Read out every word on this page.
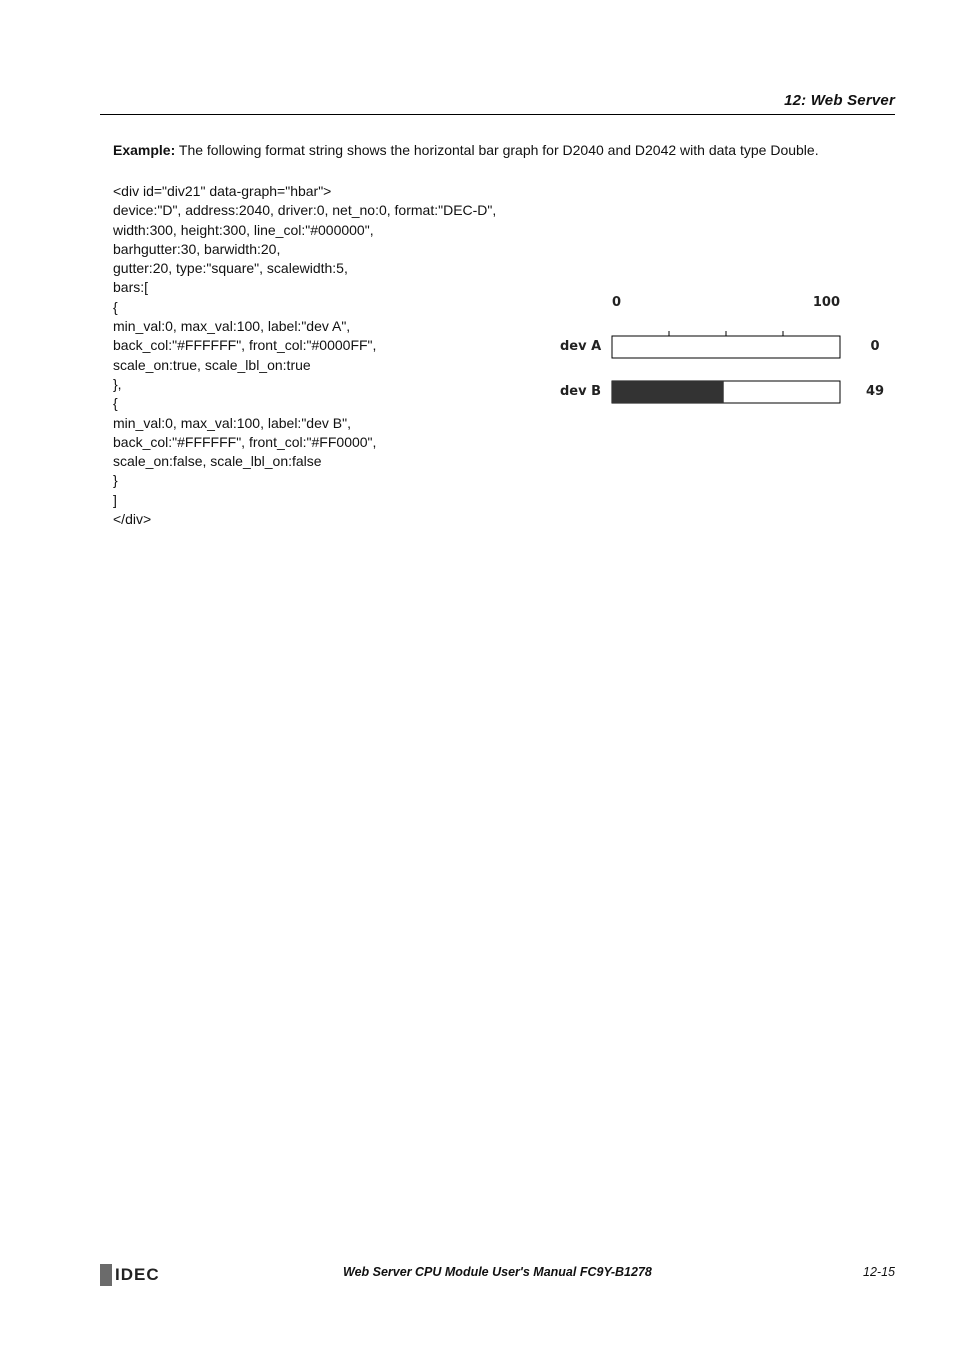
12: Web Server
Example: The following format string shows the horizontal bar graph for D2040 and D2042 with data type Double.
<div id="div21" data-graph="hbar">
device:"D", address:2040, driver:0, net_no:0, format:"DEC-D",
width:300, height:300, line_col:"#000000",
barhgutter:30, barwidth:20,
gutter:20, type:"square", scalewidth:5,
bars:[
{
min_val:0, max_val:100, label:"dev A",
back_col:"#FFFFFF", front_col:"#0000FF",
scale_on:true, scale_lbl_on:true
},
{
min_val:0, max_val:100, label:"dev B",
back_col:"#FFFFFF", front_col:"#FF0000",
scale_on:false, scale_lbl_on:false
}
]
</div>
0	100
dev A	0
dev B	49
IDEC	Web Server CPU Module User's Manual FC9Y-B1278	12-15
